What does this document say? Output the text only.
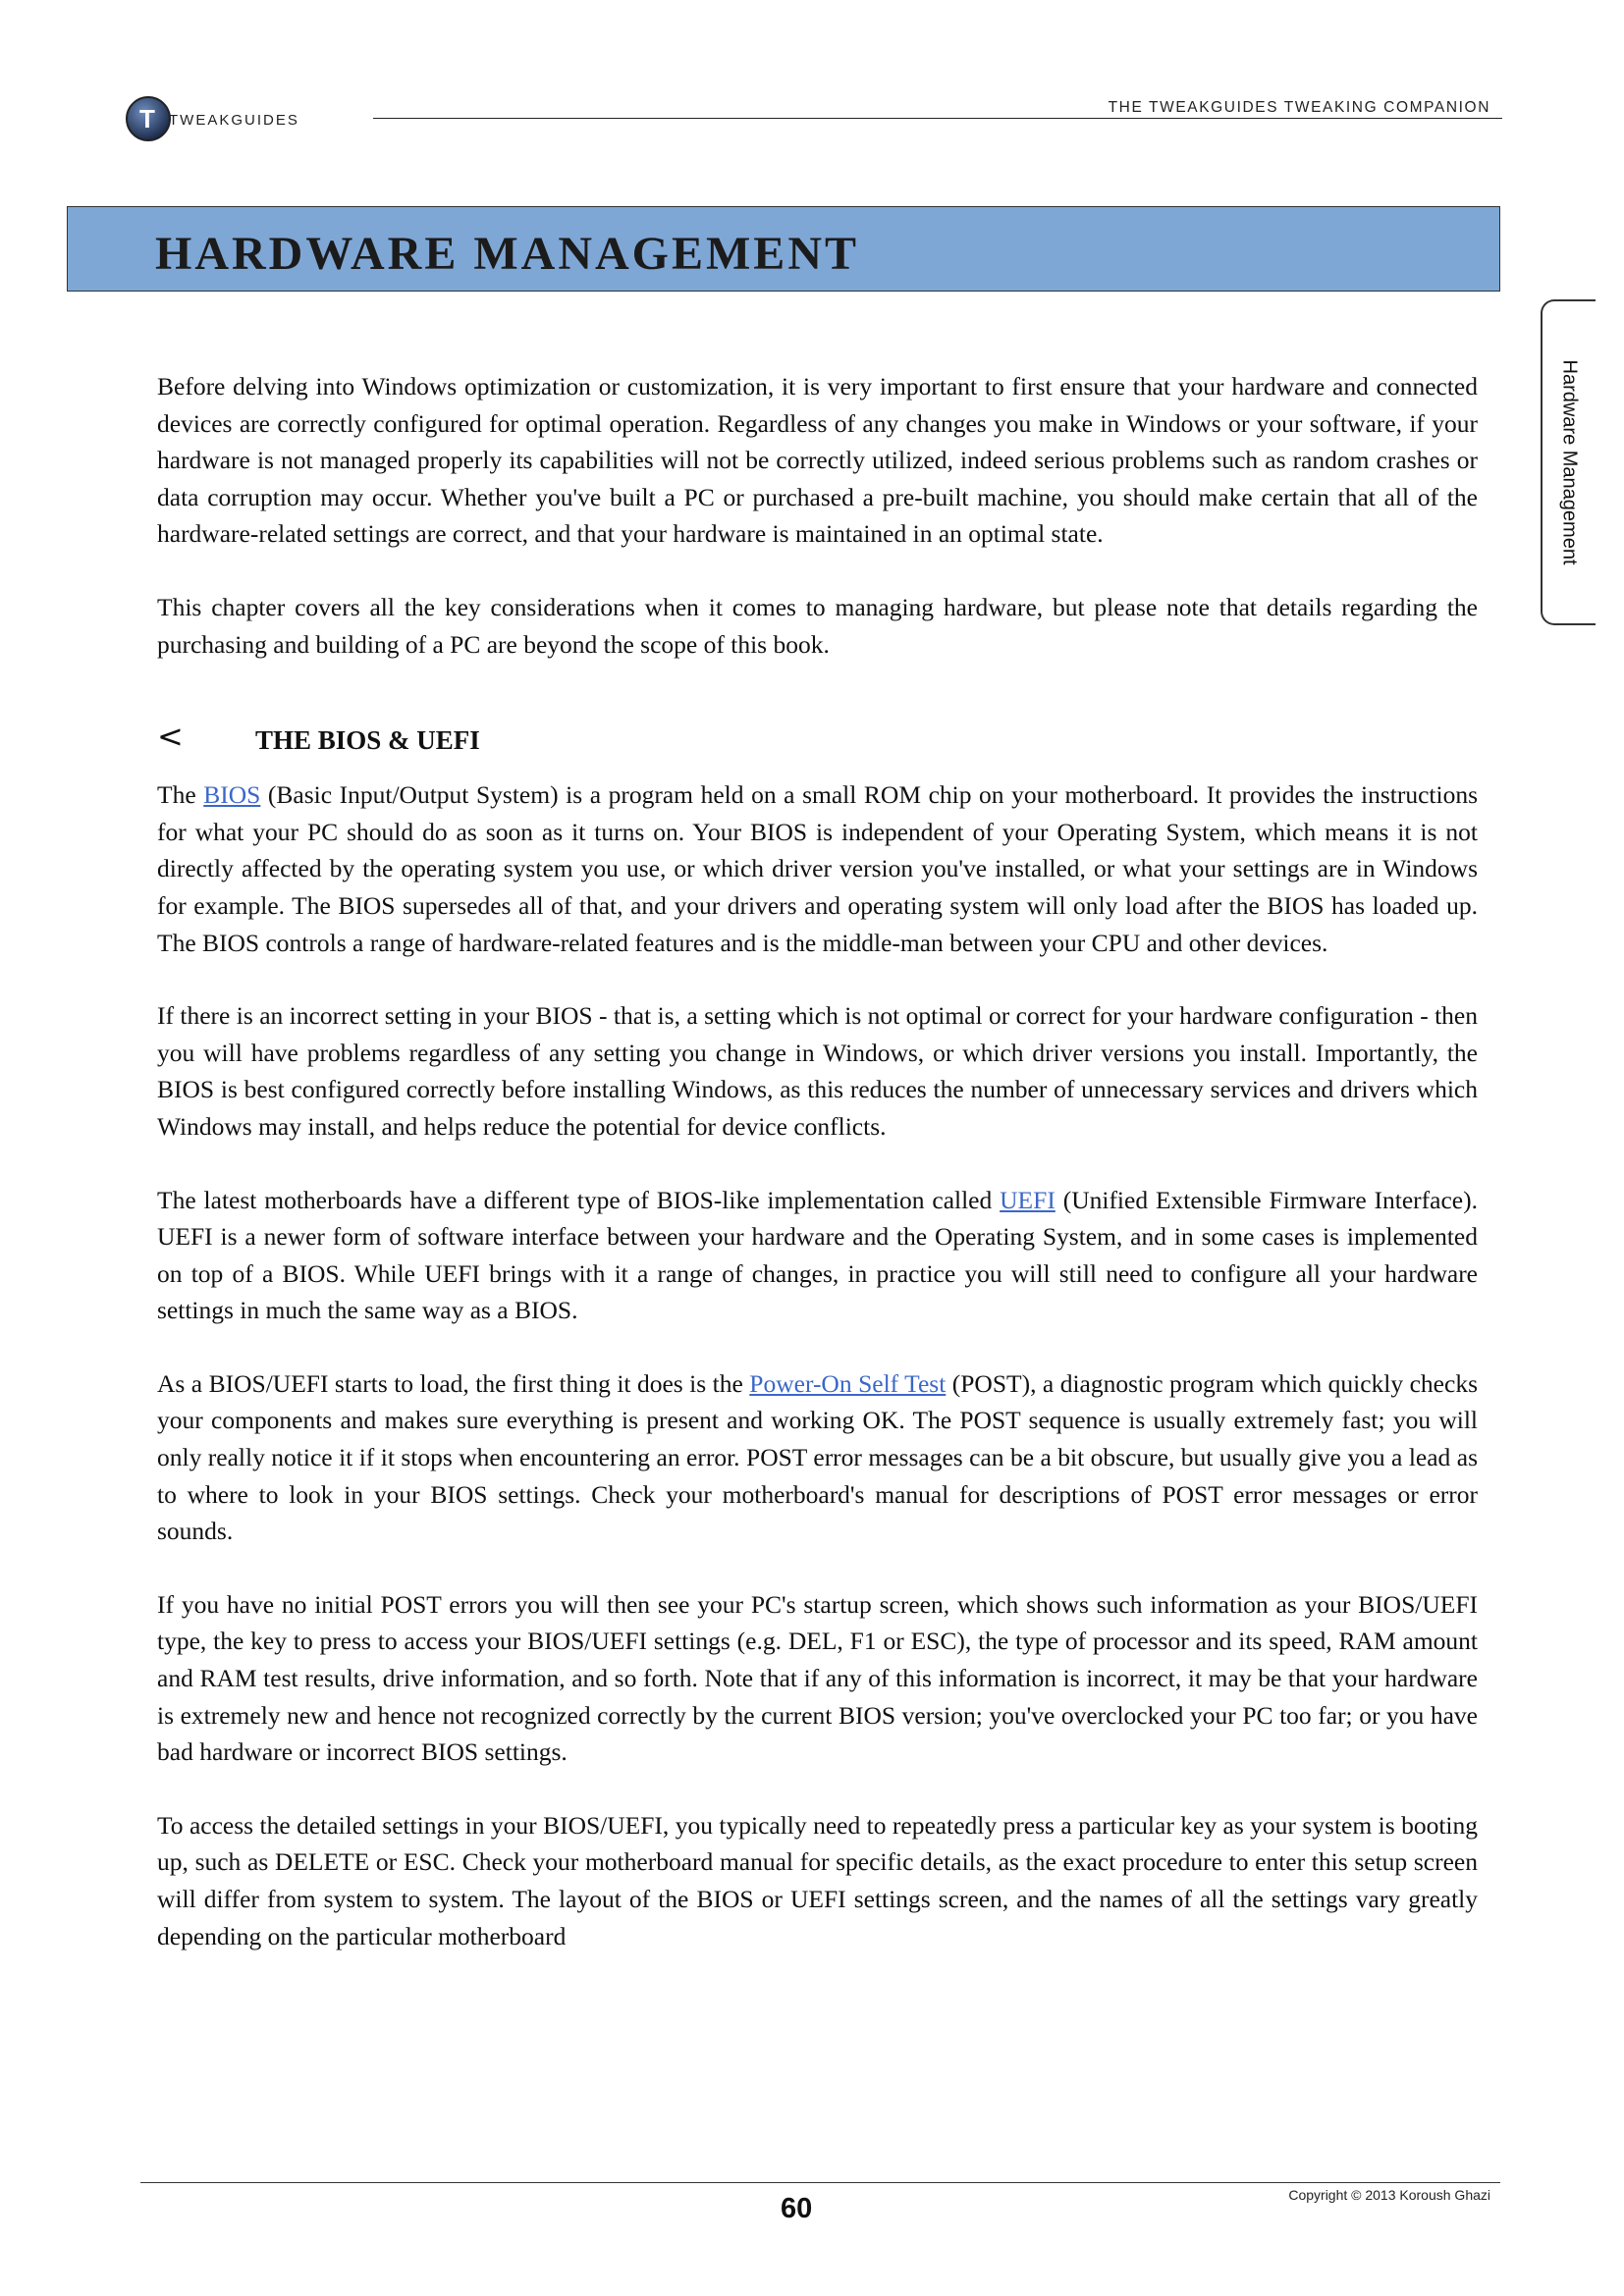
T TWEAKGUIDES
THE TWEAKGUIDES TWEAKING COMPANION
HARDWARE MANAGEMENT
Hardware Management

Before delving into Windows optimization or customization, it is very important to first ensure that your hardware and connected devices are correctly configured for optimal operation. Regardless of any changes you make in Windows or your software, if your hardware is not managed properly its capabilities will not be correctly utilized, indeed serious problems such as random crashes or data corruption may occur. Whether you've built a PC or purchased a pre-built machine, you should make certain that all of the hardware-related settings are correct, and that your hardware is maintained in an optimal state.

This chapter covers all the key considerations when it comes to managing hardware, but please note that details regarding the purchasing and building of a PC are beyond the scope of this book.

<	THE BIOS & UEFI

The BIOS (Basic Input/Output System) is a program held on a small ROM chip on your motherboard. It provides the instructions for what your PC should do as soon as it turns on. Your BIOS is independent of your Operating System, which means it is not directly affected by the operating system you use, or which driver version you've installed, or what your settings are in Windows for example. The BIOS supersedes all of that, and your drivers and operating system will only load after the BIOS has loaded up. The BIOS controls a range of hardware-related features and is the middle-man between your CPU and other devices.

If there is an incorrect setting in your BIOS - that is, a setting which is not optimal or correct for your hardware configuration - then you will have problems regardless of any setting you change in Windows, or which driver versions you install. Importantly, the BIOS is best configured correctly before installing Windows, as this reduces the number of unnecessary services and drivers which Windows may install, and helps reduce the potential for device conflicts.

The latest motherboards have a different type of BIOS-like implementation called UEFI (Unified Extensible Firmware Interface). UEFI is a newer form of software interface between your hardware and the Operating System, and in some cases is implemented on top of a BIOS. While UEFI brings with it a range of changes, in practice you will still need to configure all your hardware settings in much the same way as a BIOS.

As a BIOS/UEFI starts to load, the first thing it does is the Power-On Self Test (POST), a diagnostic program which quickly checks your components and makes sure everything is present and working OK. The POST sequence is usually extremely fast; you will only really notice it if it stops when encountering an error. POST error messages can be a bit obscure, but usually give you a lead as to where to look in your BIOS settings. Check your motherboard's manual for descriptions of POST error messages or error sounds.

If you have no initial POST errors you will then see your PC's startup screen, which shows such information as your BIOS/UEFI type, the key to press to access your BIOS/UEFI settings (e.g. DEL, F1 or ESC), the type of processor and its speed, RAM amount and RAM test results, drive information, and so forth. Note that if any of this information is incorrect, it may be that your hardware is extremely new and hence not recognized correctly by the current BIOS version; you've overclocked your PC too far; or you have bad hardware or incorrect BIOS settings.

To access the detailed settings in your BIOS/UEFI, you typically need to repeatedly press a particular key as your system is booting up, such as DELETE or ESC. Check your motherboard manual for specific details, as the exact procedure to enter this setup screen will differ from system to system. The layout of the BIOS or UEFI settings screen, and the names of all the settings vary greatly depending on the particular motherboard

60	Copyright © 2013 Koroush Ghazi
